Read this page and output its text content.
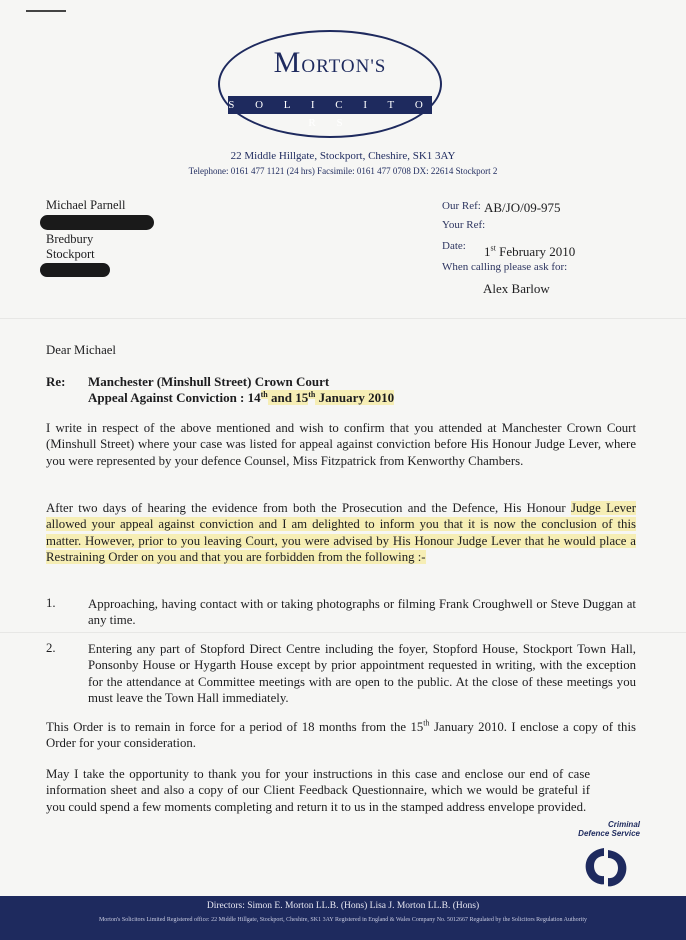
MORTON'S
S O L I C I T O R S
22 Middle Hillgate, Stockport, Cheshire, SK1 3AY
Telephone: 0161 477 1121 (24 hrs) Facsimile: 0161 477 0708 DX: 22614 Stockport 2
Michael Parnell
Bredbury
Stockport
Our Ref: AB/JO/09-975
Your Ref:
Date: 1st February 2010
When calling please ask for:
Alex Barlow
Dear Michael
Re: Manchester (Minshull Street) Crown Court
Appeal Against Conviction : 14th and 15th January 2010
I write in respect of the above mentioned and wish to confirm that you attended at Manchester Crown Court (Minshull Street) where your case was listed for appeal against conviction before His Honour Judge Lever, where you were represented by your defence Counsel, Miss Fitzpatrick from Kenworthy Chambers.
After two days of hearing the evidence from both the Prosecution and the Defence, His Honour Judge Lever allowed your appeal against conviction and I am delighted to inform you that it is now the conclusion of this matter. However, prior to you leaving Court, you were advised by His Honour Judge Lever that he would place a Restraining Order on you and that you are forbidden from the following :-
1.	Approaching, having contact with or taking photographs or filming Frank Croughwell or Steve Duggan at any time.
2.	Entering any part of Stopford Direct Centre including the foyer, Stopford House, Stockport Town Hall, Ponsonby House or Hygarth House except by prior appointment requested in writing, with the exception for the attendance at Committee meetings with are open to the public. At the close of these meetings you must leave the Town Hall immediately.
This Order is to remain in force for a period of 18 months from the 15th January 2010. I enclose a copy of this Order for your consideration.
May I take the opportunity to thank you for your instructions in this case and enclose our end of case information sheet and also a copy of our Client Feedback Questionnaire, which we would be grateful if you could spend a few moments completing and return it to us in the stamped address envelope provided.
Criminal
Defence Service
Directors: Simon E. Morton LL.B. (Hons) Lisa J. Morton LL.B. (Hons)
Morton's Solicitors Limited Registered office: 22 Middle Hillgate, Stockport, Cheshire, SK1 3AY Registered in England & Wales Company No. 5012667 Regulated by the Solicitors Regulation Authority
